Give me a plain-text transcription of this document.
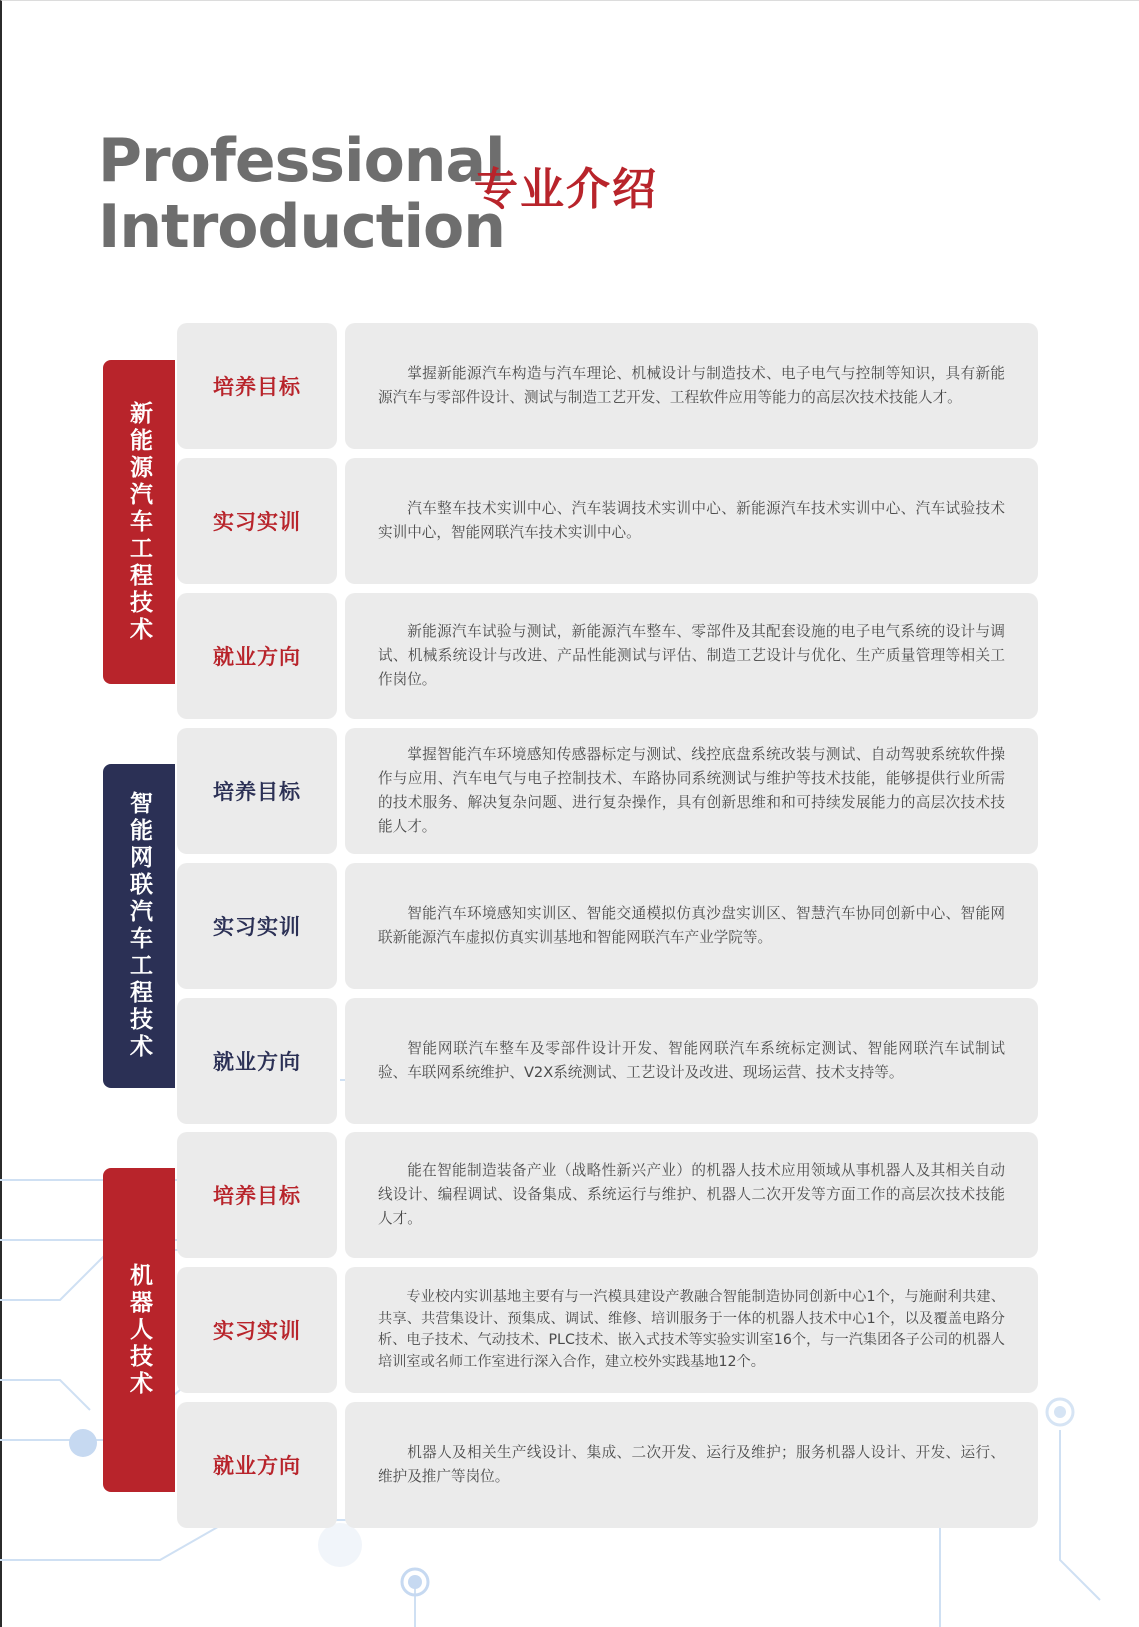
Professional
Introduction
专业介绍
新能源汽车工程技术
培养目标

掌握新能源汽车构造与汽车理论、机械设计与制造技术、电子电气与控制等知识，具有新能源汽车与零部件设计、测试与制造工艺开发、工程软件应用等能力的高层次技术技能人才。

实习实训

汽车整车技术实训中心、汽车装调技术实训中心、新能源汽车技术实训中心、汽车试验技术实训中心，智能网联汽车技术实训中心。

就业方向

新能源汽车试验与测试，新能源汽车整车、零部件及其配套设施的电子电气系统的设计与调试、机械系统设计与改进、产品性能测试与评估、制造工艺设计与优化、生产质量管理等相关工作岗位。

智能网联汽车工程技术	培养目标

掌握智能汽车环境感知传感器标定与测试、线控底盘系统改装与测试、自动驾驶系统软件操作与应用、汽车电气与电子控制技术、车路协同系统测试与维护等技术技能，能够提供行业所需的技术服务、解决复杂问题、进行复杂操作，具有创新思维和和可持续发展能力的高层次技术技能人才。

实习实训

智能汽车环境感知实训区、智能交通模拟仿真沙盘实训区、智慧汽车协同创新中心、智能网联新能源汽车虚拟仿真实训基地和智能网联汽车产业学院等。

就业方向

智能网联汽车整车及零部件设计开发、智能网联汽车系统标定测试、智能网联汽车试制试验、车联网系统维护、V2X系统测试、工艺设计及改进、现场运营、技术支持等。

机器人技术
培养目标

能在智能制造装备产业（战略性新兴产业）的机器人技术应用领域从事机器人及其相关自动线设计、编程调试、设备集成、系统运行与维护、机器人二次开发等方面工作的高层次技术技能人才。

实习实训

专业校内实训基地主要有与一汽模具建设产教融合智能制造协同创新中心1个，与施耐利共建、共享、共营集设计、预集成、调试、维修、培训服务于一体的机器人技术中心1个，以及覆盖电路分析、电子技术、气动技术、PLC技术、嵌入式技术等实验实训室16个，与一汽集团各子公司的机器人培训室或名师工作室进行深入合作，建立校外实践基地12个。

就业方向

机器人及相关生产线设计、集成、二次开发、运行及维护；服务机器人设计、开发、运行、维护及推广等岗位。
